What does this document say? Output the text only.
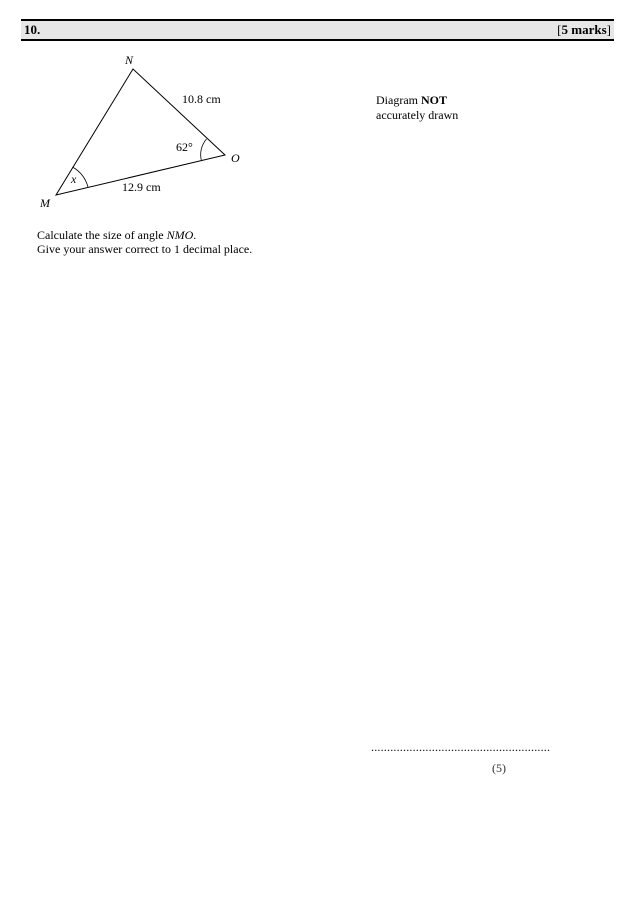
10.	[5 marks]
N
M
O
10.8 cm
12.9 cm
62°
x
Diagram NOT
accurately drawn
Calculate the size of angle NMO.
Give your answer correct to 1 decimal place.
........................................................
(5)
